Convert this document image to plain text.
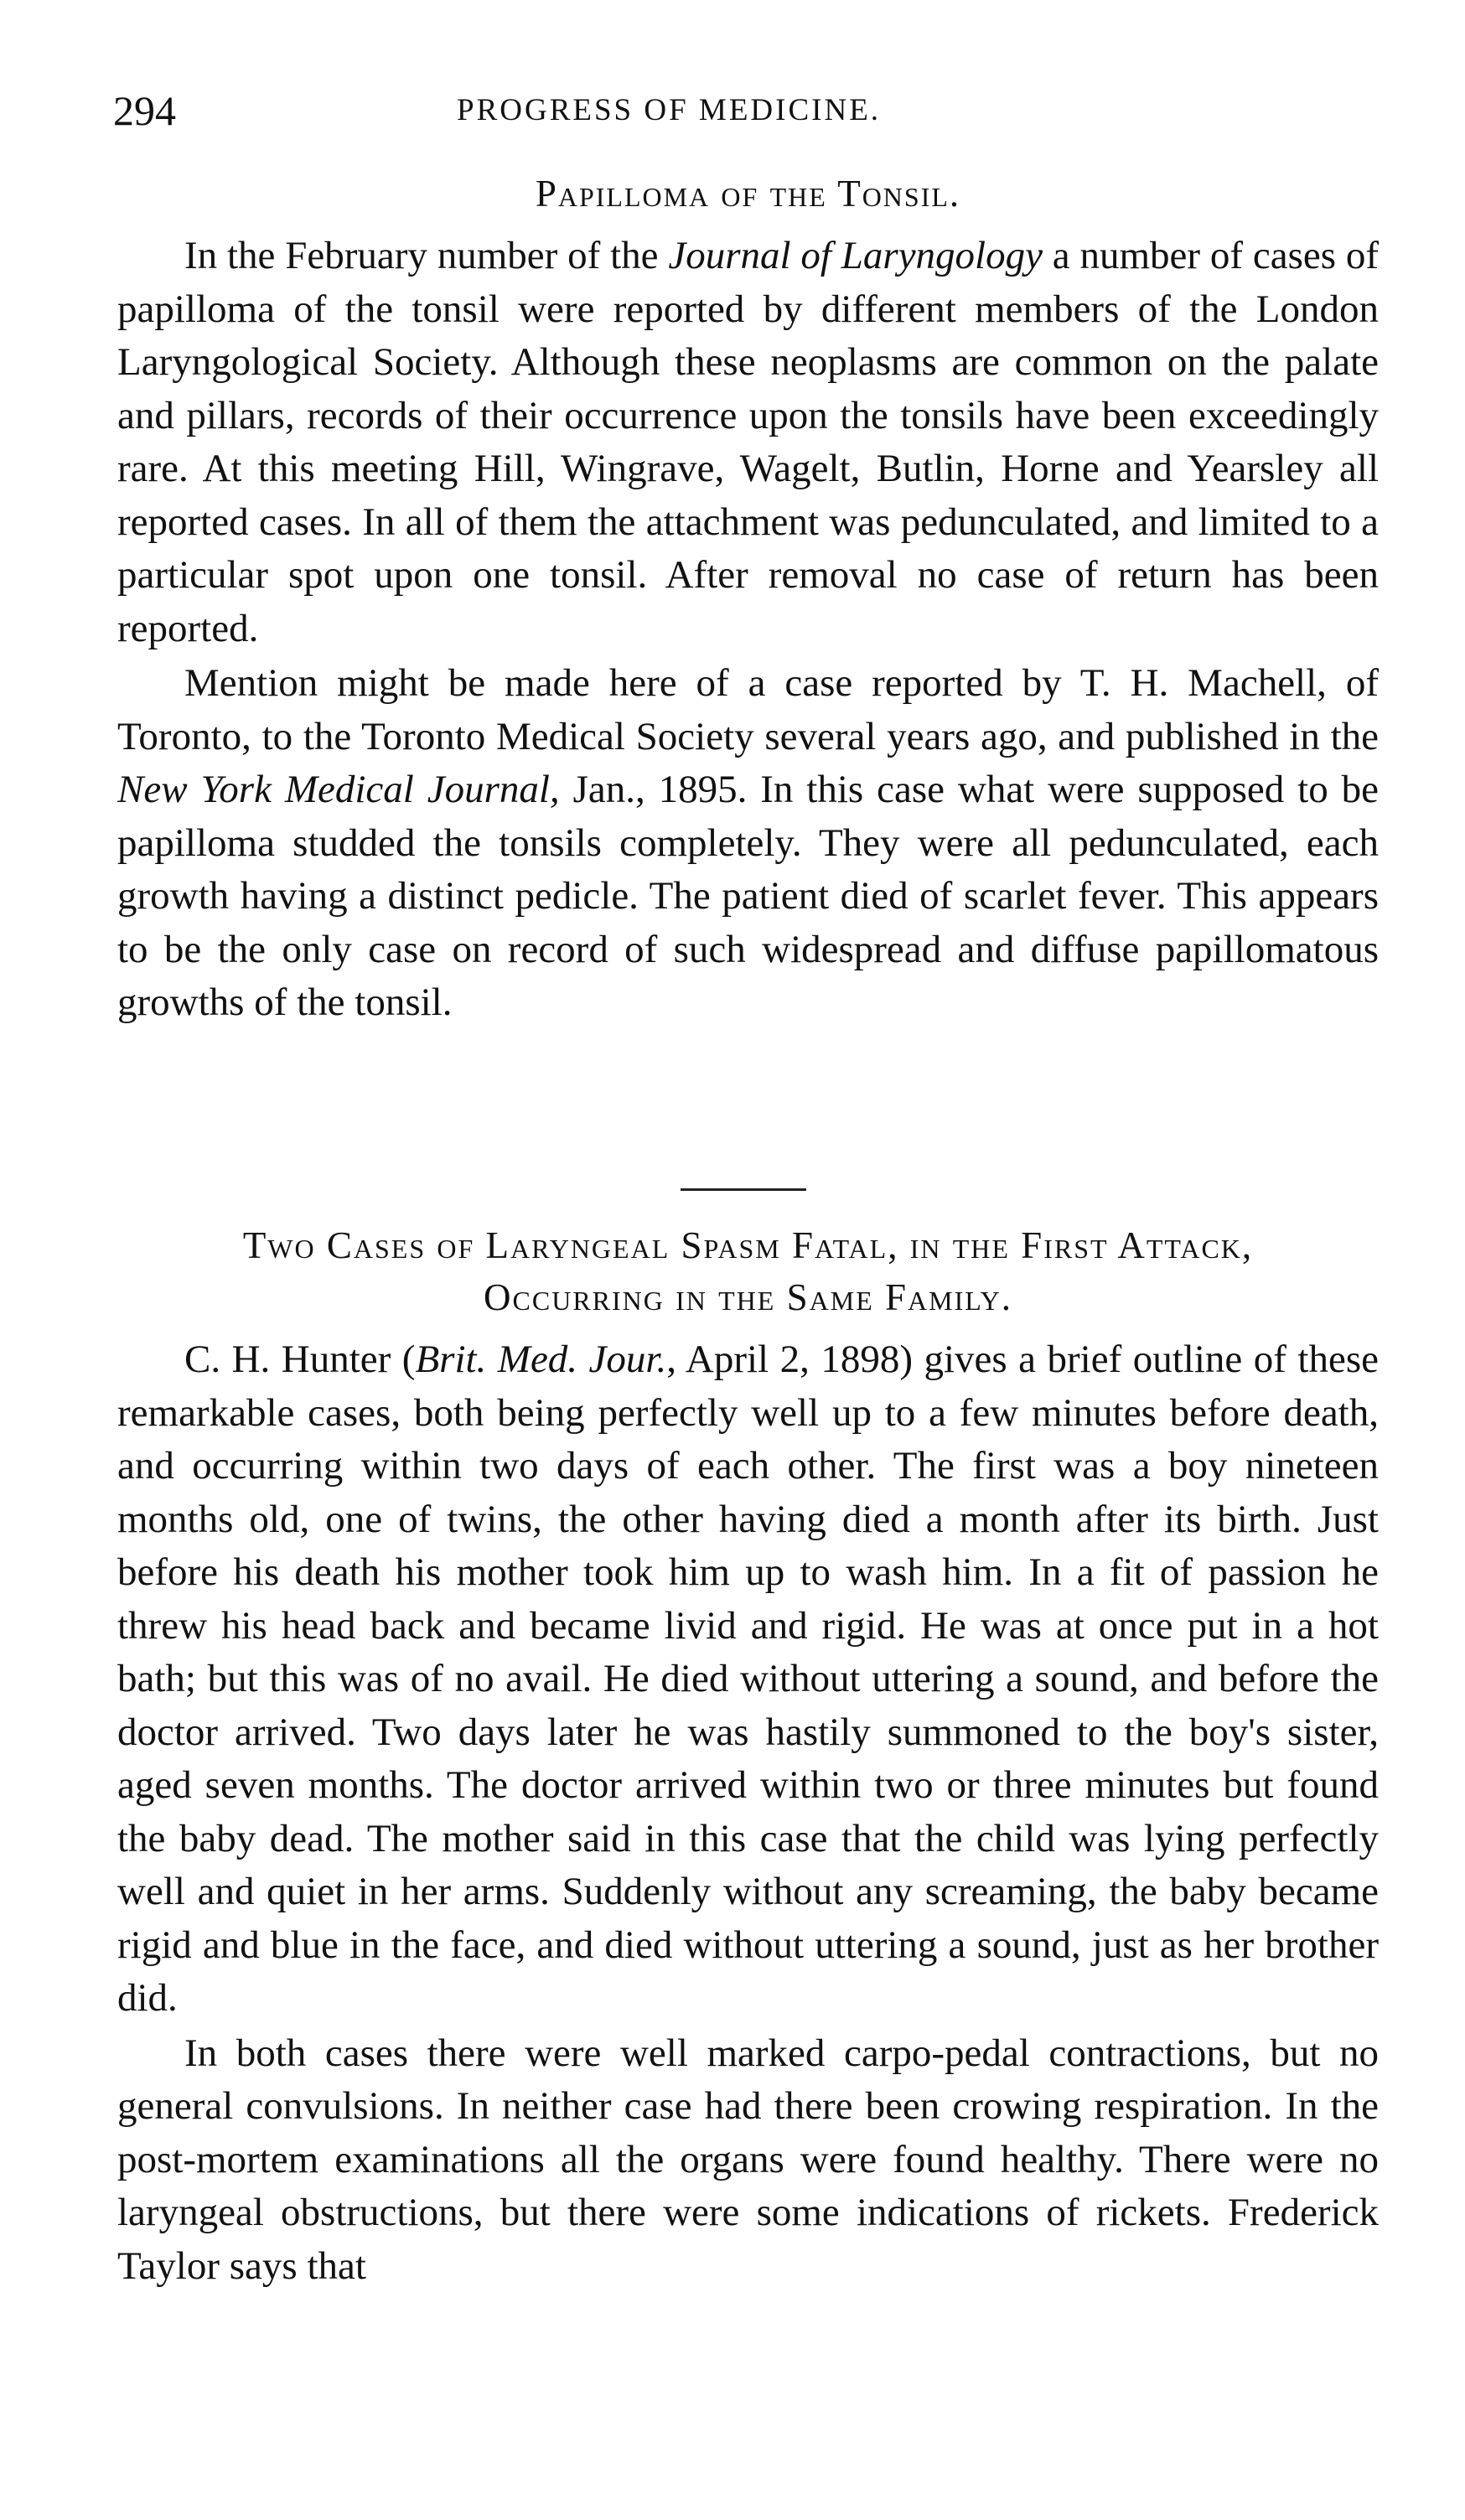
294	PROGRESS OF MEDICINE.
Papilloma of the Tonsil.

In the February number of the Journal of Laryngology a number of cases of papilloma of the tonsil were reported by different members of the London Laryngological Society. Although these neoplasms are common on the palate and pillars, records of their occurrence upon the tonsils have been exceedingly rare. At this meeting Hill, Wingrave, Wagelt, Butlin, Horne and Yearsley all reported cases. In all of them the attachment was pedunculated, and limited to a particular spot upon one tonsil. After removal no case of return has been reported.

Mention might be made here of a case reported by T. H. Machell, of Toronto, to the Toronto Medical Society several years ago, and published in the New York Medical Journal, Jan., 1895. In this case what were supposed to be papilloma studded the tonsils completely. They were all pedunculated, each growth having a distinct pedicle. The patient died of scarlet fever. This appears to be the only case on record of such widespread and diffuse papillomatous growths of the tonsil.

Two Cases of Laryngeal Spasm Fatal, in the First Attack,
Occurring in the Same Family.

C. H. Hunter (Brit. Med. Jour., April 2, 1898) gives a brief outline of these remarkable cases, both being perfectly well up to a few minutes before death, and occurring within two days of each other. The first was a boy nineteen months old, one of twins, the other having died a month after its birth. Just before his death his mother took him up to wash him. In a fit of passion he threw his head back and became livid and rigid. He was at once put in a hot bath; but this was of no avail. He died without uttering a sound, and before the doctor arrived. Two days later he was hastily summoned to the boy's sister, aged seven months. The doctor arrived within two or three minutes but found the baby dead. The mother said in this case that the child was lying perfectly well and quiet in her arms. Suddenly without any screaming, the baby became rigid and blue in the face, and died without uttering a sound, just as her brother did.

In both cases there were well marked carpo-pedal contractions, but no general convulsions. In neither case had there been crowing respiration. In the post-mortem examinations all the organs were found healthy. There were no laryngeal obstructions, but there were some indications of rickets. Frederick Taylor says that
